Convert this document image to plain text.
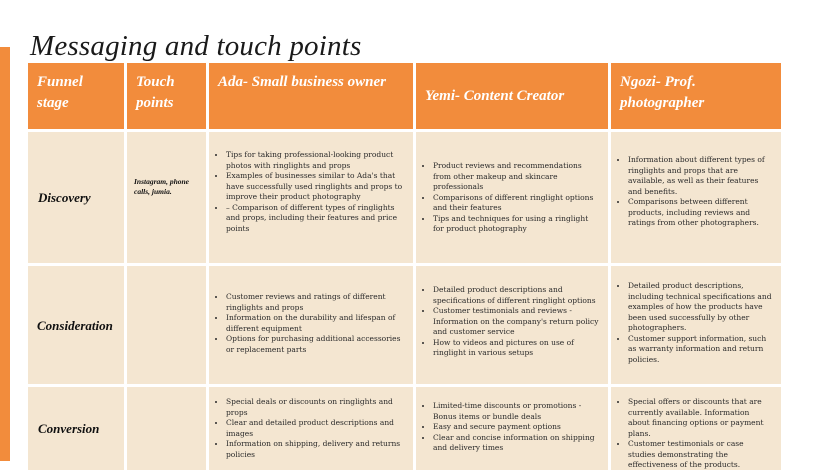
Messaging and touch points
Funnel stage
Touch points
Ada- Small business owner
Yemi- Content Creator
Ngozi- Prof. photographer
Discovery
Instagram, phone calls, jumia.
• Tips for taking professional-looking product photos with ringlights and props
• Examples of businesses similar to Ada's that have successfully used ringlights and props to improve their product photography
• – Comparison of different types of ringlights and props, including their features and price points
• Product reviews and recommendations from other makeup and skincare professionals
• Comparisons of different ringlight options and their features
• Tips and techniques for using a ringlight for product photography
• Information about different types of ringlights and props that are available, as well as their features and benefits.
• Comparisons between different products, including reviews and ratings from other photographers.
Consideration
• Customer reviews and ratings of different ringlights and props
• Information on the durability and lifespan of different equipment
• Options for purchasing additional accessories or replacement parts
• Detailed product descriptions and specifications of different ringlight options
• Customer testimonials and reviews - Information on the company's return policy and customer service
• How to videos and pictures on use of ringlight in various setups
• Detailed product descriptions, including technical specifications and examples of how the products have been used successfully by other photographers.
• Customer support information, such as warranty information and return policies.
Conversion
• Special deals or discounts on ringlights and props
• Clear and detailed product descriptions and images
• Information on shipping, delivery and returns policies
• Limited-time discounts or promotions - Bonus items or bundle deals
• Easy and secure payment options
• Clear and concise information on shipping and delivery times
• Special offers or discounts that are currently available. Information about financing options or payment plans.
• Customer testimonials or case studies demonstrating the effectiveness of the products.
